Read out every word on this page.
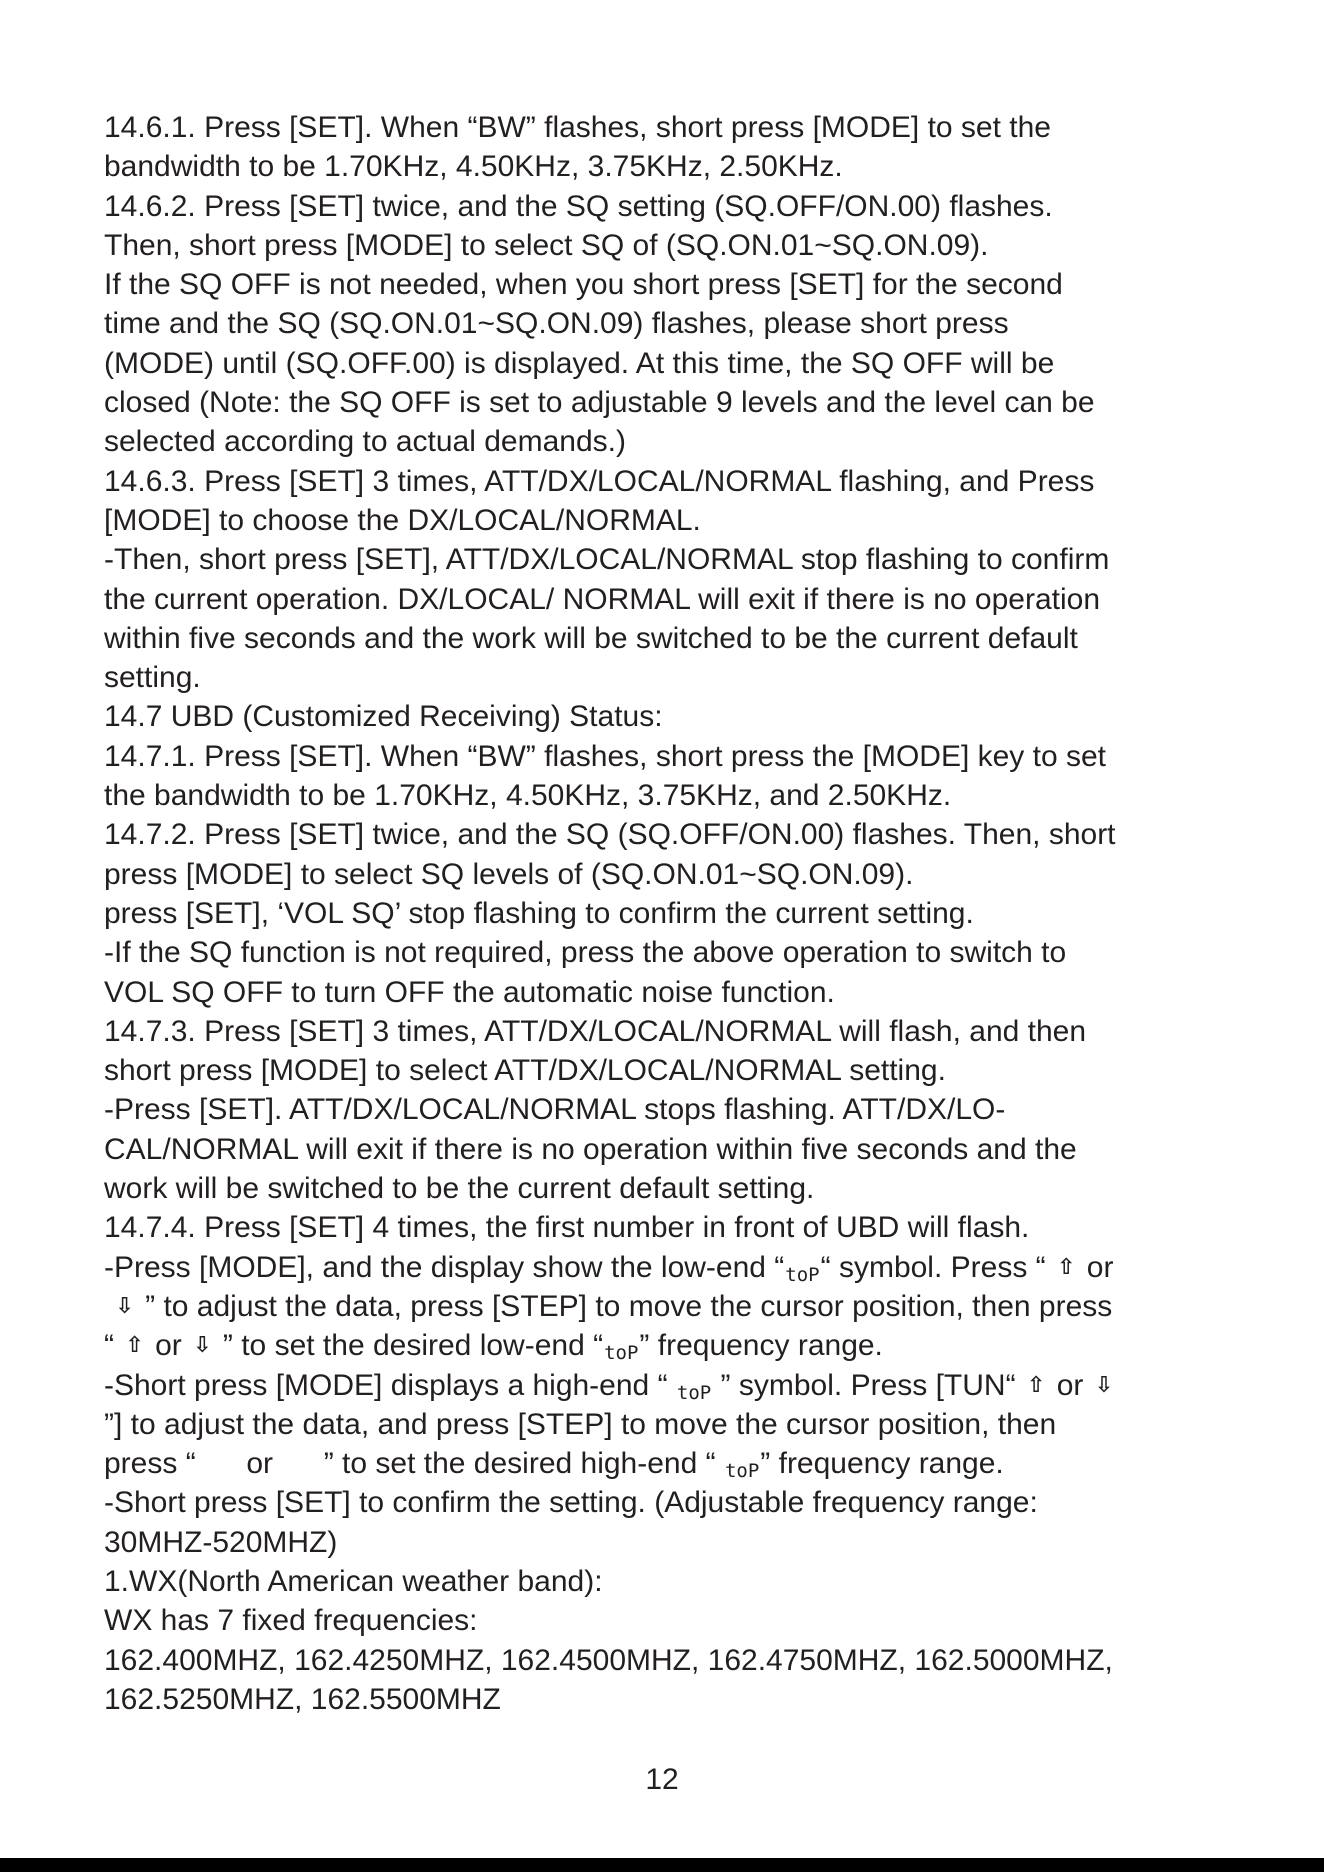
14.6.1. Press [SET]. When “BW” flashes, short press [MODE] to set the
bandwidth to be 1.70KHz, 4.50KHz, 3.75KHz, 2.50KHz.
14.6.2. Press [SET] twice, and the SQ setting (SQ.OFF/ON.00) flashes.
Then, short press [MODE] to select SQ of (SQ.ON.01~SQ.ON.09).
If the SQ OFF is not needed, when you short press [SET] for the second
time and the SQ (SQ.ON.01~SQ.ON.09) flashes, please short press
(MODE) until (SQ.OFF.00) is displayed. At this time, the SQ OFF will be
closed (Note: the SQ OFF is set to adjustable 9 levels and the level can be
selected according to actual demands.)
14.6.3. Press [SET] 3 times, ATT/DX/LOCAL/NORMAL flashing, and Press
[MODE] to choose the DX/LOCAL/NORMAL.
-Then, short press [SET], ATT/DX/LOCAL/NORMAL stop flashing to confirm
the current operation. DX/LOCAL/ NORMAL will exit if there is no operation
within five seconds and the work will be switched to be the current default
setting.
14.7 UBD (Customized Receiving) Status:
14.7.1. Press [SET]. When “BW” flashes, short press the [MODE] key to set
the bandwidth to be 1.70KHz, 4.50KHz, 3.75KHz, and 2.50KHz.
14.7.2. Press [SET] twice, and the SQ (SQ.OFF/ON.00) flashes. Then, short
press [MODE] to select SQ levels of (SQ.ON.01~SQ.ON.09).
press [SET], ‘VOL SQ’ stop flashing to confirm the current setting.
-If the SQ function is not required, press the above operation to switch to
VOL SQ OFF to turn OFF the automatic noise function.
14.7.3. Press [SET] 3 times, ATT/DX/LOCAL/NORMAL will flash, and then
short press [MODE] to select ATT/DX/LOCAL/NORMAL setting.
-Press [SET]. ATT/DX/LOCAL/NORMAL stops flashing. ATT/DX/LO-
CAL/NORMAL will exit if there is no operation within five seconds and the
work will be switched to be the current default setting.
14.7.4. Press [SET] 4 times, the first number in front of UBD will flash.
-Press [MODE], and the display show the low-end “toP“ symbol. Press “ ⇧ or
⇩ ” to adjust the data, press [STEP] to move the cursor position, then press
“ ⇧ or ⇩ ” to set the desired low-end “toP” frequency range.
-Short press [MODE] displays a high-end “ toP ” symbol. Press [TUN“ ⇧ or ⇩
”] to adjust the data, and press [STEP] to move the cursor position, then
press “  or  ” to set the desired high-end “ toP” frequency range.
-Short press [SET] to confirm the setting. (Adjustable frequency range:
30MHZ-520MHZ)
1.WX(North American weather band):
WX has 7 fixed frequencies:
162.400MHZ, 162.4250MHZ, 162.4500MHZ, 162.4750MHZ, 162.5000MHZ,
162.5250MHZ, 162.5500MHZ
12
